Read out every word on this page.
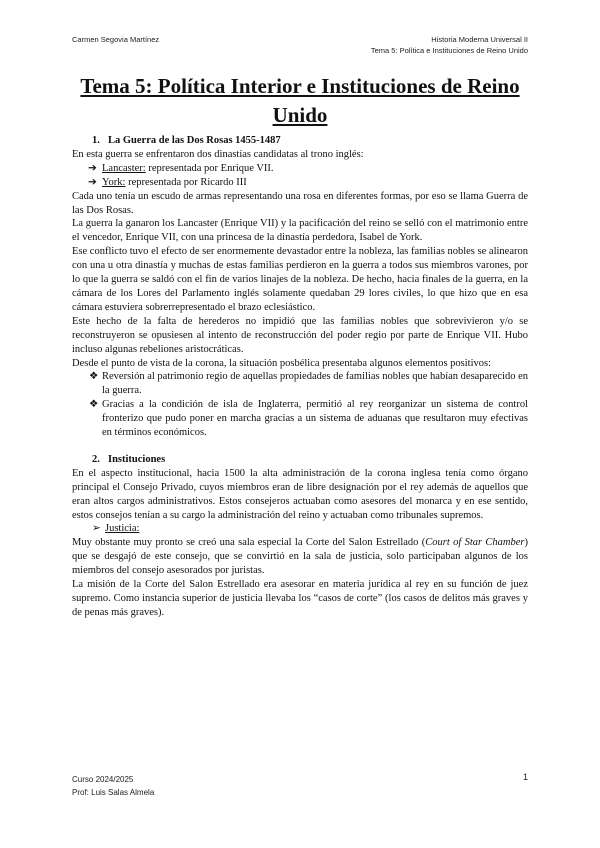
Carmen Segovia Martínez	Historia Moderna Universal II
Tema 5: Política e Instituciones de Reino Unido
Tema 5: Política Interior e Instituciones de Reino Unido
1. La Guerra de las Dos Rosas 1455-1487

En esta guerra se enfrentaron dos dinastías candidatas al trono inglés:

➔ Lancaster: representada por Enrique VII.
➔ York: representada por Ricardo III

Cada uno tenía un escudo de armas representando una rosa en diferentes formas, por eso se llama Guerra de las Dos Rosas.

La guerra la ganaron los Lancaster (Enrique VII) y la pacificación del reino se selló con el matrimonio entre el vencedor, Enrique VII, con una princesa de la dinastía perdedora, Isabel de York.

Ese conflicto tuvo el efecto de ser enormemente devastador entre la nobleza, las familias nobles se alinearon con una u otra dinastía y muchas de estas familias perdieron en la guerra a todos sus miembros varones, por lo que la guerra se saldó con el fin de varios linajes de la nobleza. De hecho, hacia finales de la guerra, en la cámara de los Lores del Parlamento inglés solamente quedaban 29 lores civiles, lo que hizo que en esa cámara estuviera sobrerrepresentado el brazo eclesiástico.

Este hecho de la falta de herederos no impidió que las familias nobles que sobrevivieron y/o se reconstruyeron se opusiesen al intento de reconstrucción del poder regio por parte de Enrique VII. Hubo incluso algunas rebeliones aristocráticas.

Desde el punto de vista de la corona, la situación posbélica presentaba algunos elementos positivos:

❖ Reversión al patrimonio regio de aquellas propiedades de familias nobles que habían desaparecido en la guerra.
❖ Gracias a la condición de isla de Inglaterra, permitió al rey reorganizar un sistema de control fronterizo que pudo poner en marcha gracias a un sistema de aduanas que resultaron muy efectivas en términos económicos.
2. Instituciones

En el aspecto institucional, hacia 1500 la alta administración de la corona inglesa tenía como órgano principal el Consejo Privado, cuyos miembros eran de libre designación por el rey además de aquellos que eran altos cargos administrativos. Estos consejeros actuaban como asesores del monarca y en ese sentido, estos consejos tenían a su cargo la administración del reino y actuaban como tribunales supremos.

➢ Justicia:

Muy obstante muy pronto se creó una sala especial la Corte del Salon Estrellado (Court of Star Chamber) que se desgajó de este consejo, que se convirtió en la sala de justicia, solo participaban algunos de los miembros del consejo asesorados por juristas.

La misión de la Corte del Salon Estrellado era asesorar en materia jurídica al rey en su función de juez supremo. Como instancia superior de justicia llevaba los “casos de corte” (los casos de delitos más graves y de penas más graves).

Curso 2024/2025
Prof: Luis Salas Almela
1
